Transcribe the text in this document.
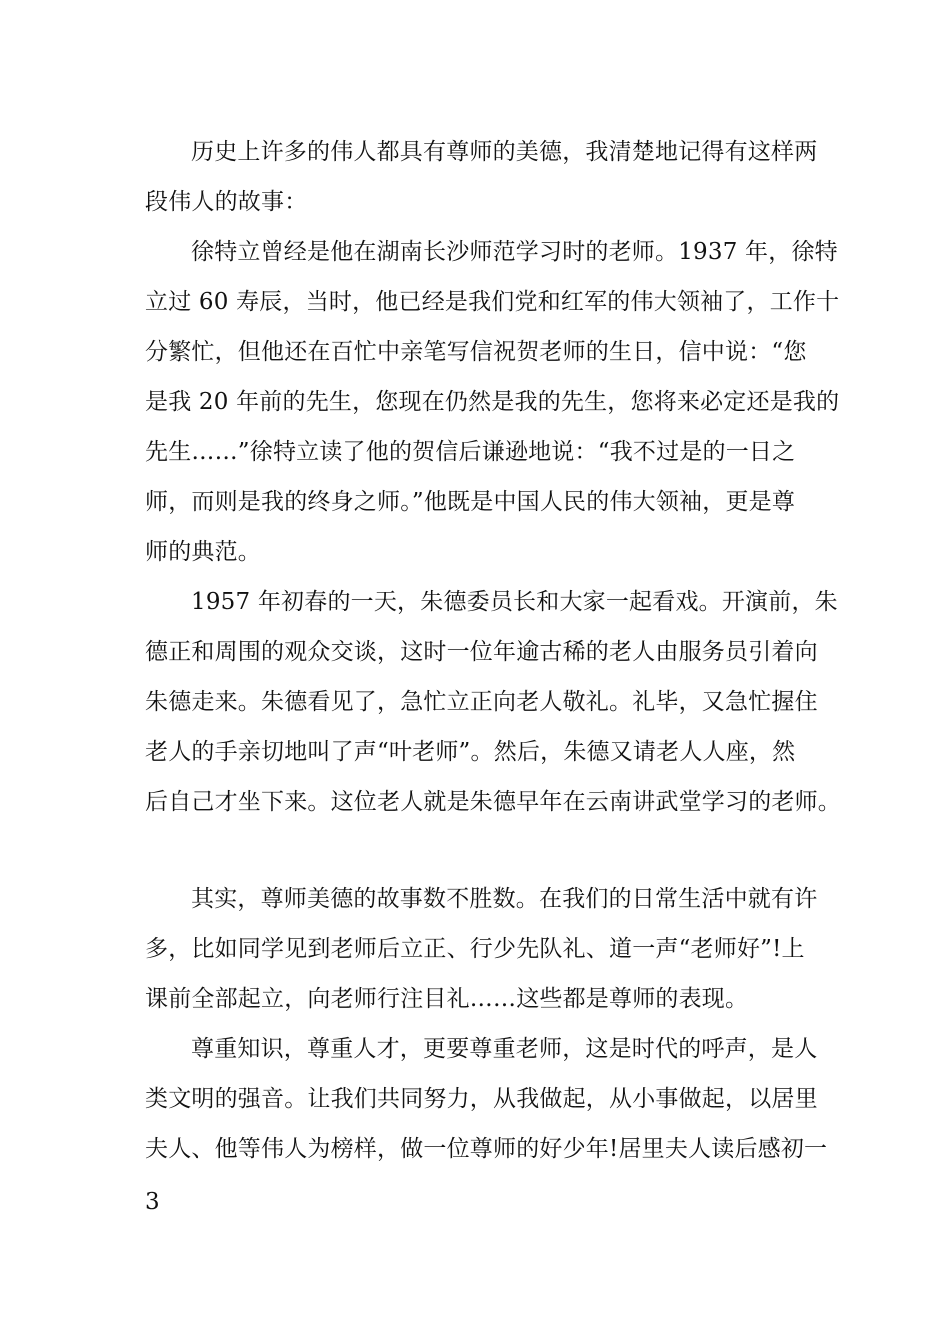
历史上许多的伟人都具有尊师的美德，我清楚地记得有这样两
段伟人的故事：
徐特立曾经是他在湖南长沙师范学习时的老师。1937 年，徐特
立过 60 寿辰，当时，他已经是我们党和红军的伟大领袖了，工作十
分繁忙，但他还在百忙中亲笔写信祝贺老师的生日，信中说：“您
是我 20 年前的先生，您现在仍然是我的先生，您将来必定还是我的
先生……”徐特立读了他的贺信后谦逊地说：“我不过是的一日之
师，而则是我的终身之师。”他既是中国人民的伟大领袖，更是尊
师的典范。
1957 年初春的一天，朱德委员长和大家一起看戏。开演前，朱
德正和周围的观众交谈，这时一位年逾古稀的老人由服务员引着向
朱德走来。朱德看见了，急忙立正向老人敬礼。礼毕，又急忙握住
老人的手亲切地叫了声“叶老师”。然后，朱德又请老人人座，然
后自己才坐下来。这位老人就是朱德早年在云南讲武堂学习的老师。
其实，尊师美德的故事数不胜数。在我们的日常生活中就有许
多，比如同学见到老师后立正、行少先队礼、道一声“老师好”!上
课前全部起立，向老师行注目礼……这些都是尊师的表现。
尊重知识，尊重人才，更要尊重老师，这是时代的呼声，是人
类文明的强音。让我们共同努力，从我做起，从小事做起，以居里
夫人、他等伟人为榜样，做一位尊师的好少年!居里夫人读后感初一
3
